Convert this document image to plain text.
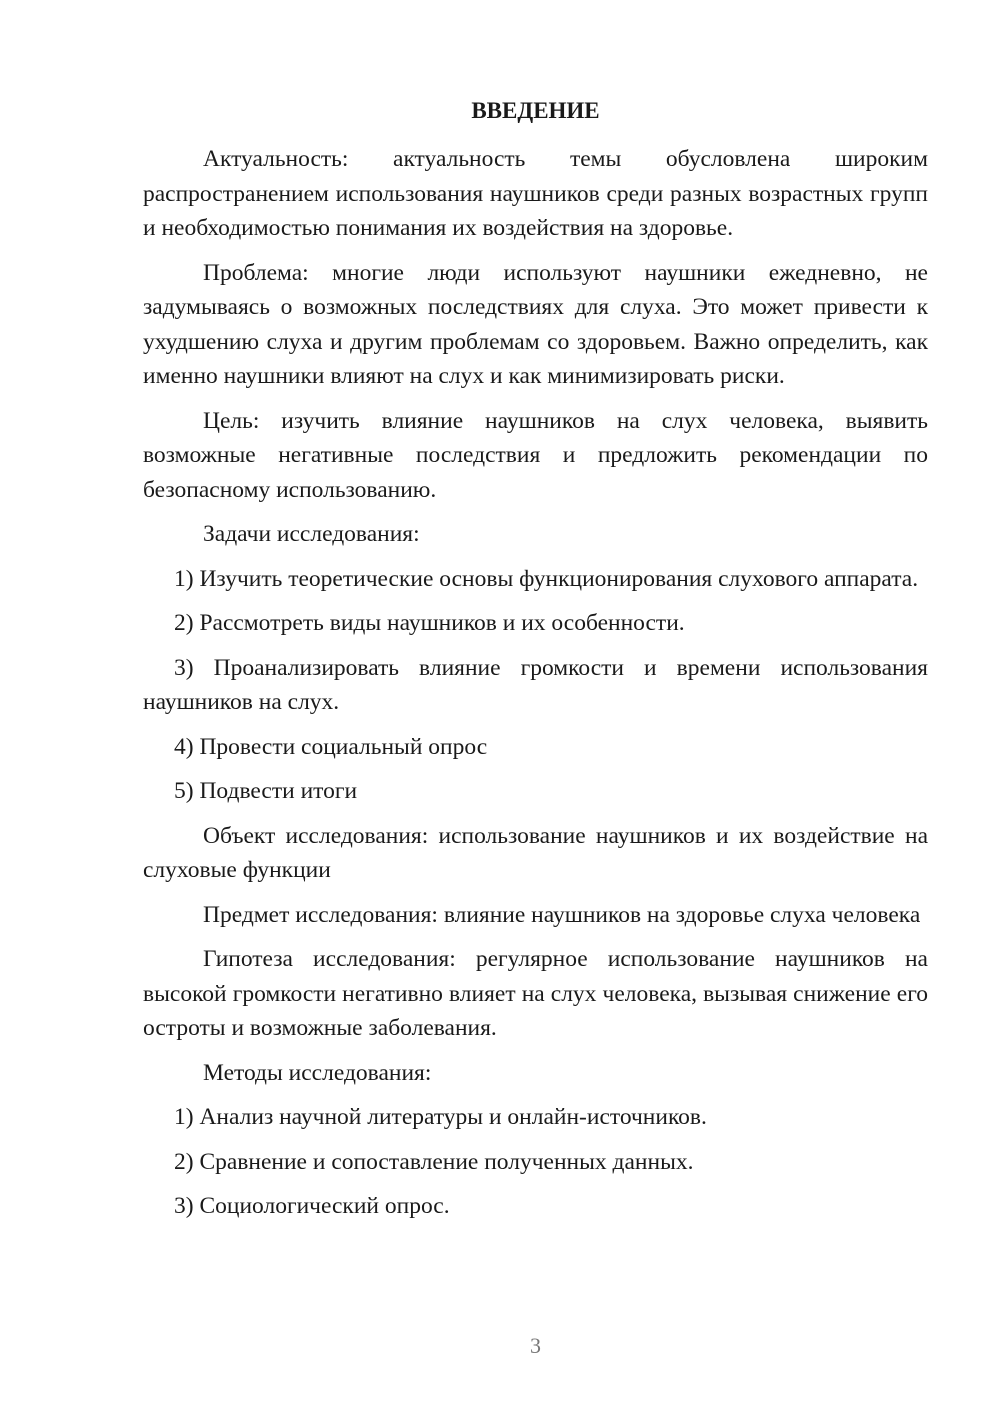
ВВЕДЕНИЕ

Актуальность: актуальность темы обусловлена широким распространением использования наушников среди разных возрастных групп и необходимостью понимания их воздействия на здоровье.

Проблема: многие люди используют наушники ежедневно, не задумываясь о возможных последствиях для слуха. Это может привести к ухудшению слуха и другим проблемам со здоровьем. Важно определить, как именно наушники влияют на слух и как минимизировать риски.

Цель: изучить влияние наушников на слух человека, выявить возможные негативные последствия и предложить рекомендации по безопасному использованию.

Задачи исследования:

1) Изучить теоретические основы функционирования слухового аппарата.

2) Рассмотреть виды наушников и их особенности.

3) Проанализировать влияние громкости и времени использования наушников на слух.

4) Провести социальный опрос

5) Подвести итоги

Объект исследования: использование наушников и их воздействие на слуховые функции

Предмет исследования: влияние наушников на здоровье слуха человека

Гипотеза исследования: регулярное использование наушников на высокой громкости негативно влияет на слух человека, вызывая снижение его остроты и возможные заболевания.

Методы исследования:

1) Анализ научной литературы и онлайн-источников.

2) Сравнение и сопоставление полученных данных.

3) Социологический опрос.

3
